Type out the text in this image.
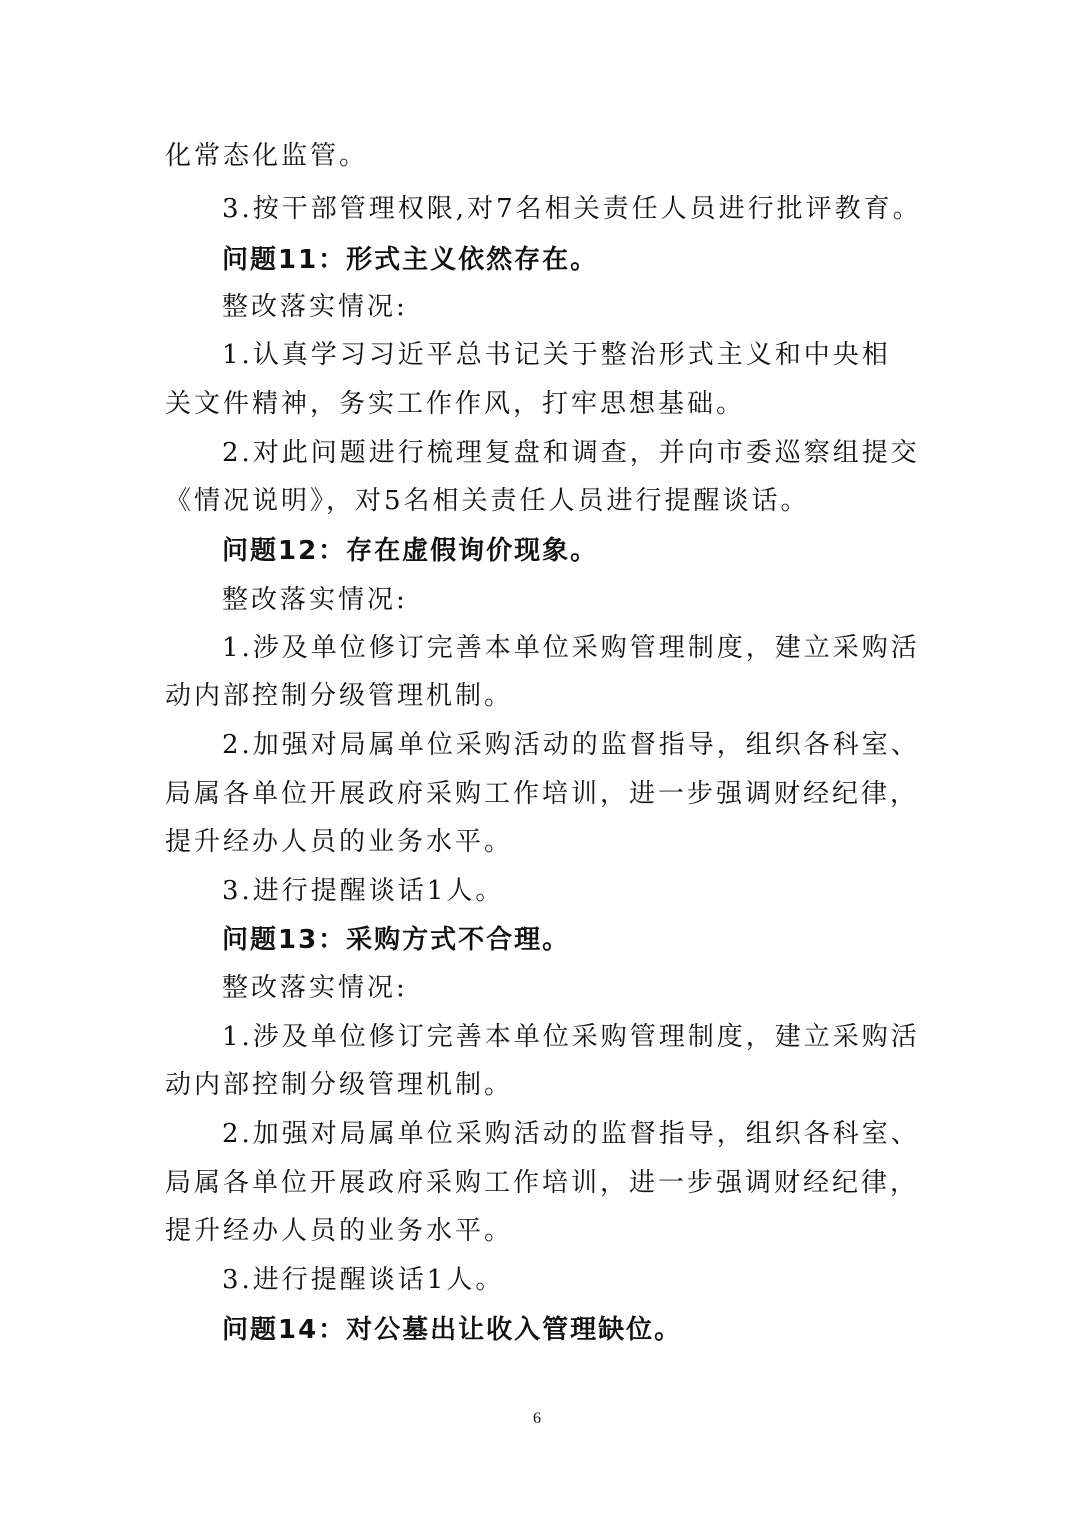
化常态化监管。
3.按干部管理权限,对7名相关责任人员进行批评教育。
问题11：形式主义依然存在。
整改落实情况:
1.认真学习习近平总书记关于整治形式主义和中央相
关文件精神，务实工作作风，打牢思想基础。
2.对此问题进行梳理复盘和调查，并向市委巡察组提交
《情况说明》，对5名相关责任人员进行提醒谈话。
问题12：存在虚假询价现象。
整改落实情况:
1.涉及单位修订完善本单位采购管理制度，建立采购活
动内部控制分级管理机制。
2.加强对局属单位采购活动的监督指导，组织各科室、
局属各单位开展政府采购工作培训，进一步强调财经纪律，
提升经办人员的业务水平。
3.进行提醒谈话1人。
问题13：采购方式不合理。
整改落实情况:
1.涉及单位修订完善本单位采购管理制度，建立采购活
动内部控制分级管理机制。
2.加强对局属单位采购活动的监督指导，组织各科室、
局属各单位开展政府采购工作培训，进一步强调财经纪律，
提升经办人员的业务水平。
3.进行提醒谈话1人。
问题14：对公墓出让收入管理缺位。
6
